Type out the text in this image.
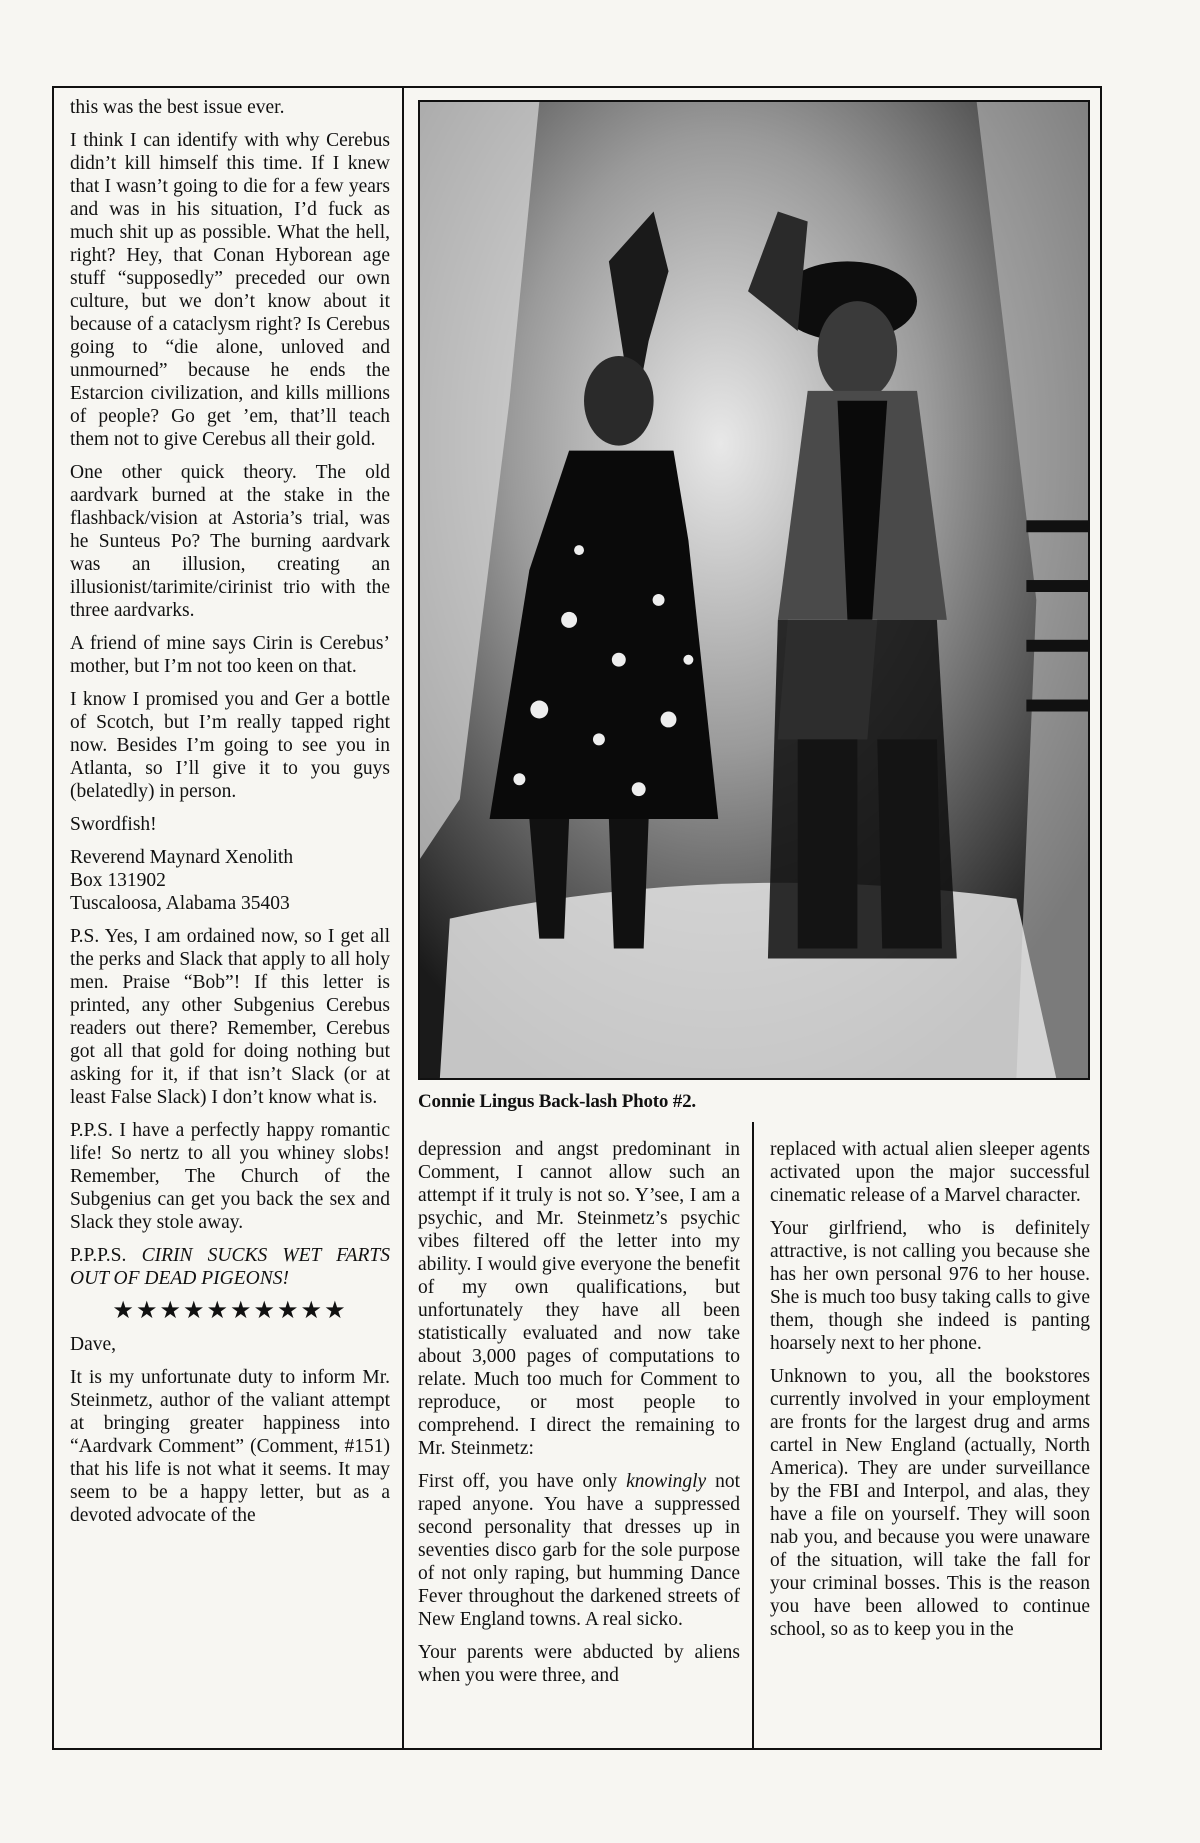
this was the best issue ever.

I think I can identify with why Cerebus didn’t kill himself this time. If I knew that I wasn’t going to die for a few years and was in his situation, I’d fuck as much shit up as possible. What the hell, right? Hey, that Conan Hyborean age stuff “supposedly” preceded our own culture, but we don’t know about it because of a cataclysm right? Is Cerebus going to “die alone, unloved and unmourned” because he ends the Estarcion civilization, and kills millions of people? Go get ’em, that’ll teach them not to give Cerebus all their gold.

One other quick theory. The old aardvark burned at the stake in the flashback/vision at Astoria’s trial, was he Sunteus Po? The burning aardvark was an illusion, creating an illusionist/tarimite/cirinist trio with the three aardvarks.

A friend of mine says Cirin is Cerebus’ mother, but I’m not too keen on that.

I know I promised you and Ger a bottle of Scotch, but I’m really tapped right now. Besides I’m going to see you in Atlanta, so I’ll give it to you guys (belatedly) in person.

Swordfish!

Reverend Maynard Xenolith

Box 131902

Tuscaloosa, Alabama 35403

P.S. Yes, I am ordained now, so I get all the perks and Slack that apply to all holy men. Praise “Bob”! If this letter is printed, any other Subgenius Cerebus readers out there? Remember, Cerebus got all that gold for doing nothing but asking for it, if that isn’t Slack (or at least False Slack) I don’t know what is.

P.P.S. I have a perfectly happy romantic life! So nertz to all you whiney slobs! Remember, The Church of the Subgenius can get you back the sex and Slack they stole away.

P.P.P.S. CIRIN SUCKS WET FARTS OUT OF DEAD PIGEONS!

★★★★★★★★★★

Dave,

It is my unfortunate duty to inform Mr. Steinmetz, author of the valiant attempt at bringing greater happiness into “Aardvark Comment” (Comment, #151) that his life is not what it seems. It may seem to be a happy letter, but as a devoted advocate of the

Connie Lingus Back-lash Photo #2.

depression and angst predominant in Comment, I cannot allow such an attempt if it truly is not so. Y’see, I am a psychic, and Mr. Steinmetz’s psychic vibes filtered off the letter into my ability. I would give everyone the benefit of my own qualifications, but unfortunately they have all been statistically evaluated and now take about 3,000 pages of computations to relate. Much too much for Comment to reproduce, or most people to comprehend. I direct the remaining to Mr. Steinmetz:

First off, you have only knowingly not raped anyone. You have a suppressed second personality that dresses up in seventies disco garb for the sole purpose of not only raping, but humming Dance Fever throughout the darkened streets of New England towns. A real sicko.

Your parents were abducted by aliens when you were three, and

replaced with actual alien sleeper agents activated upon the major successful cinematic release of a Marvel character.

Your girlfriend, who is definitely attractive, is not calling you because she has her own personal 976 to her house. She is much too busy taking calls to give them, though she indeed is panting hoarsely next to her phone.

Unknown to you, all the bookstores currently involved in your employment are fronts for the largest drug and arms cartel in New England (actually, North America). They are under surveillance by the FBI and Interpol, and alas, they have a file on yourself. They will soon nab you, and because you were unaware of the situation, will take the fall for your criminal bosses. This is the reason you have been allowed to continue school, so as to keep you in the
